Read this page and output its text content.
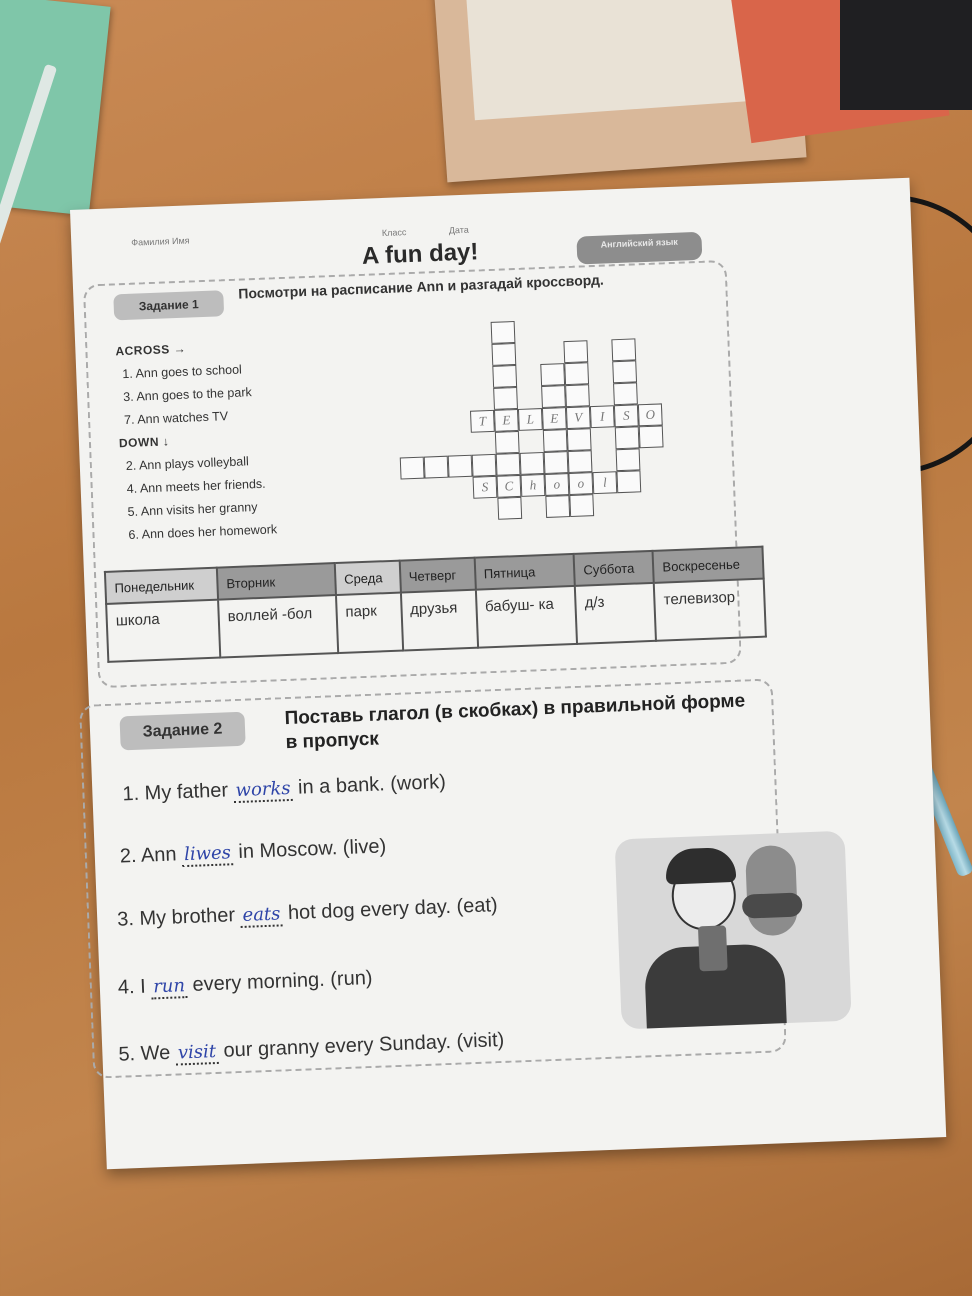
Фамилия Имя Класс	Дата
A fun day!	Английский язык
Задание 1
Посмотри на расписание Ann и разгадай кроссворд.
ACROSS →
1. Ann goes to school
3. Ann goes to the park
7. Ann watches TV
DOWN ↓
2. Ann plays volleyball
4. Ann meets her friends.
5. Ann visits her granny
6. Ann does her homework
T	E	L	E	V	I	S	O
S	C	h	o	o	l
Понедельник	Вторник	Среда	Четверг	Пятница	Суббота	Воскресенье
школа	воллей -бол	парк	друзья	бабуш- ка	д/з	телевизор
Задание 2
Поставь глагол (в скобках) в правильной форме в пропуск
1. My father works in a bank. (work)
2. Ann liwes in Moscow. (live)
3. My brother eats hot dog every day. (eat)
4. I run every morning. (run)
5. We visit our granny every Sunday. (visit)
